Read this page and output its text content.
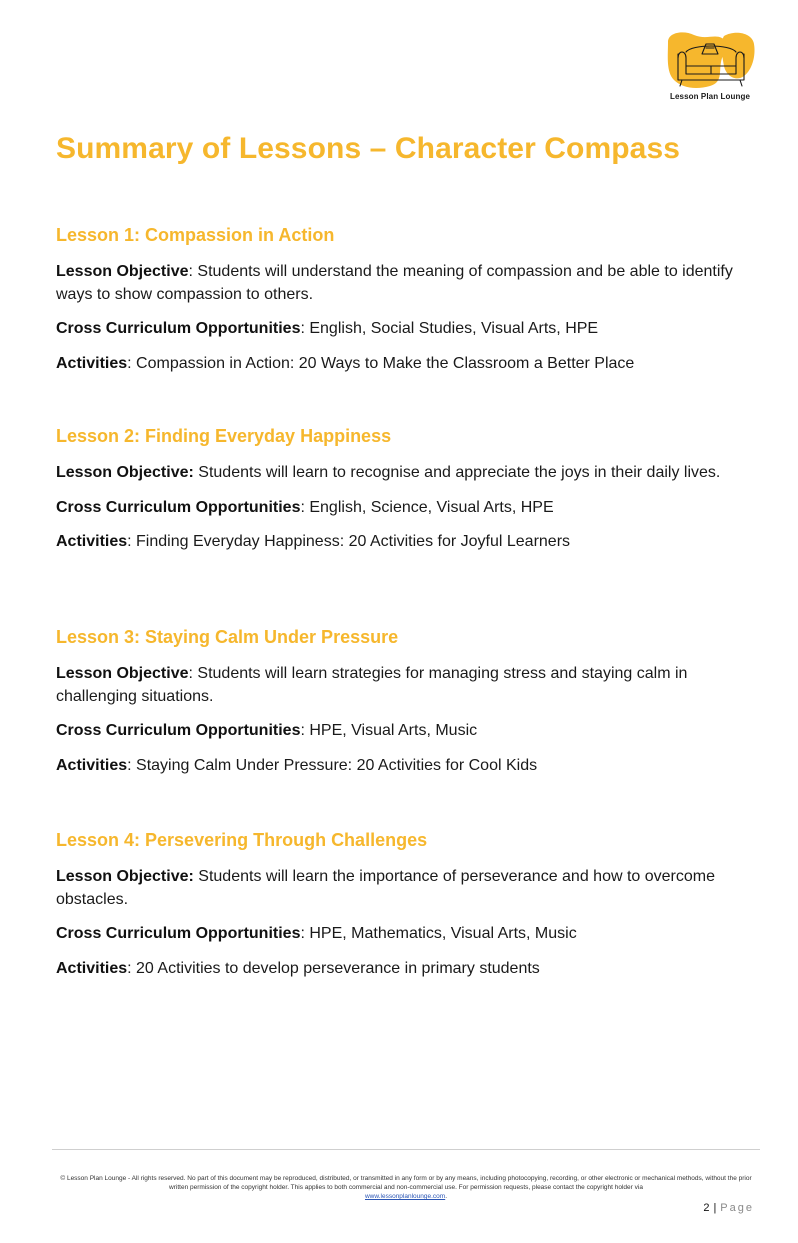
Lesson Plan Lounge
Summary of Lessons – Character Compass
Lesson 1: Compassion in Action

Lesson Objective: Students will understand the meaning of compassion and be able to identify ways to show compassion to others.

Cross Curriculum Opportunities: English, Social Studies, Visual Arts, HPE

Activities: Compassion in Action: 20 Ways to Make the Classroom a Better Place

Lesson 2: Finding Everyday Happiness

Lesson Objective: Students will learn to recognise and appreciate the joys in their daily lives.

Cross Curriculum Opportunities: English, Science, Visual Arts, HPE

Activities: Finding Everyday Happiness: 20 Activities for Joyful Learners

Lesson 3: Staying Calm Under Pressure

Lesson Objective: Students will learn strategies for managing stress and staying calm in challenging situations.

Cross Curriculum Opportunities: HPE, Visual Arts, Music

Activities: Staying Calm Under Pressure: 20 Activities for Cool Kids

Lesson 4: Persevering Through Challenges

Lesson Objective: Students will learn the importance of perseverance and how to overcome obstacles.

Cross Curriculum Opportunities: HPE, Mathematics, Visual Arts, Music

Activities: 20 Activities to develop perseverance in primary students

© Lesson Plan Lounge - All rights reserved. No part of this document may be reproduced, distributed, or transmitted in any form or by any means, including photocopying, recording, or other electronic or mechanical methods, without the prior written permission of the copyright holder. This applies to both commercial and non-commercial use. For permission requests, please contact the copyright holder via
www.lessonplanlounge.com.
2 | Page
